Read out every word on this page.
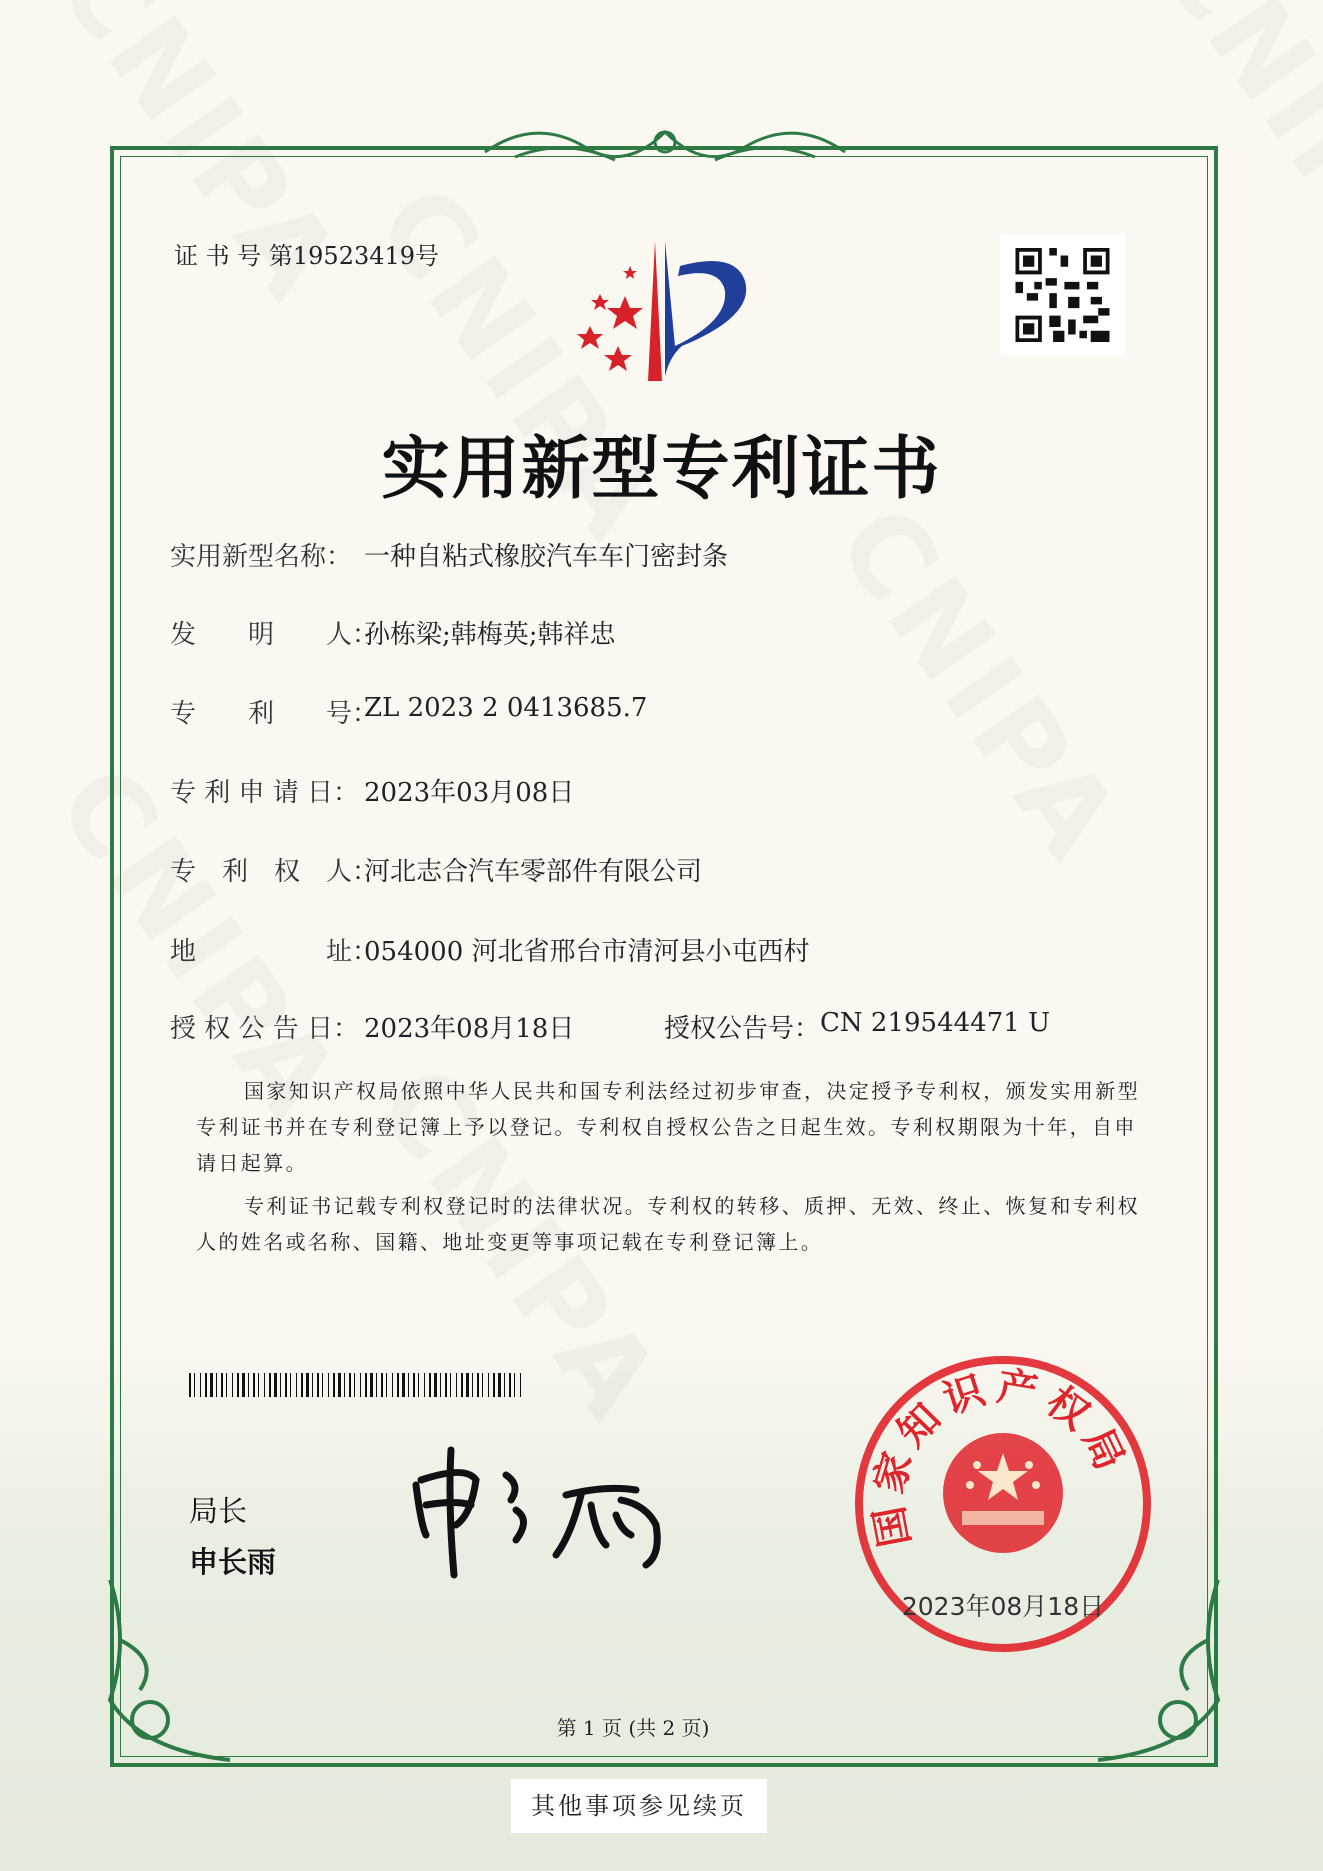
证 书 号 第19523419号
实用新型专利证书
实用新型名称： 一种自粘式橡胶汽车车门密封条
发　　明　　人：
孙栋梁;韩梅英;韩祥忠
专　　利　　号：
ZL 2023 2 0413685.7
专 利 申 请 日： 2023年03月08日
专　利　权　人：
河北志合汽车零部件有限公司
地　　　　　址：
054000 河北省邢台市清河县小屯西村
授 权 公 告 日： 2023年08月18日	授权公告号： CN 219544471 U

国家知识产权局依照中华人民共和国专利法经过初步审查，决定授予专利权，颁发实用新型专利证书并在专利登记簿上予以登记。专利权自授权公告之日起生效。专利权期限为十年，自申请日起算。

专利证书记载专利权登记时的法律状况。专利权的转移、质押、无效、终止、恢复和专利权人的姓名或名称、国籍、地址变更等事项记载在专利登记簿上。

局长
申长雨
国家知识产权局
2023年08月18日
第 1 页 (共 2 页)
其他事项参见续页
